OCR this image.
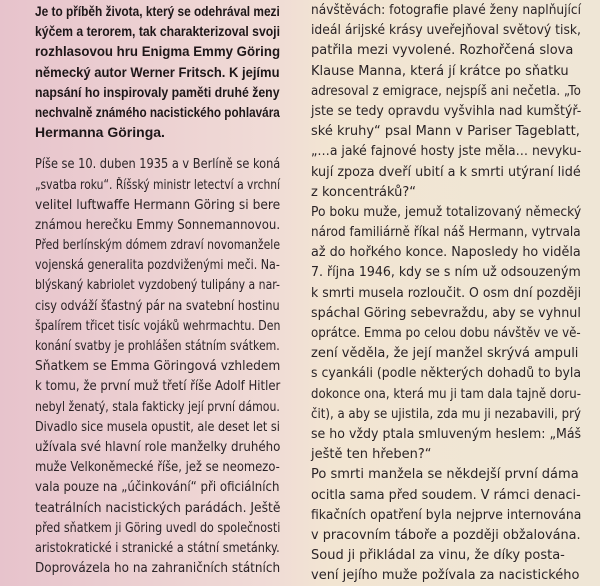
Je to příběh života, který se odehrával mezi
kýčem a terorem, tak charakterizoval svoji
rozhlasovou hru Enigma Emmy Göring
německý autor Werner Fritsch. K jejímu
napsání ho inspirovaly paměti druhé ženy
nechvalně známého nacistického pohlavára
Hermanna Göringa.
Píše se 10. duben 1935 a v Berlíně se koná
„svatba roku“. Říšský ministr letectví a vrchní
velitel luftwaffe Hermann Göring si bere
známou herečku Emmy Sonnemannovou.
Před berlínským dómem zdraví novomanžele
vojenská generalita pozdviženými meči. Na-
blýskaný kabriolet vyzdobený tulipány a nar-
cisy odváží šťastný pár na svatební hostinu
špalírem třicet tisíc vojáků wehrmachtu. Den
konání svatby je prohlášen státním svátkem.
Sňatkem se Emma Göringová vzhledem
k tomu, že první muž třetí říše Adolf Hitler
nebyl ženatý, stala fakticky její první dámou.
Divadlo sice musela opustit, ale deset let si
užívala své hlavní role manželky druhého
muže Velkoněmecké říše, jež se neomezo-
vala pouze na „účinkování“ při oficiálních
teatrálních nacistických parádách. Ještě
před sňatkem ji Göring uvedl do společnosti
aristokratické i stranické a státní smetánky.
Doprovázela ho na zahraničních státních
návštěvách: fotografie plavé ženy naplňující
ideál árijské krásy uveřejňoval světový tisk,
patřila mezi vyvolené. Rozhořčená slova
Klause Manna, která jí krátce po sňatku
adresoval z emigrace, nejspíš ani nečetla. „To
jste se tedy opravdu vyšvihla nad kumštýř-
ské kruhy“ psal Mann v Pariser Tageblatt,
„…a jaké fajnové hosty jste měla… nevyku-
kují zpoza dveří ubití a k smrti utýraní lidé
z koncentráků?“
Po boku muže, jemuž totalizovaný německý
národ familiárně říkal náš Hermann, vytrvala
až do hořkého konce. Naposledy ho viděla
7. října 1946, kdy se s ním už odsouzeným
k smrti musela rozloučit. O osm dní později
spáchal Göring sebevraždu, aby se vyhnul
oprátce. Emma po celou dobu návštěv ve vě-
zení věděla, že její manžel skrývá ampuli
s cyankáli (podle některých dohadů to byla
dokonce ona, která mu ji tam dala tajně doru-
čit), a aby se ujistila, zda mu ji nezabavili, prý
se ho vždy ptala smluveným heslem: „Máš
ještě ten hřeben?“
Po smrti manžela se někdejší první dáma
ocitla sama před soudem. V rámci denaci-
fikačních opatření byla nejprve internována
v pracovním táboře a později obžalována.
Soud ji přikládal za vinu, že díky posta-
vení jejího muže požívala za nacistického
